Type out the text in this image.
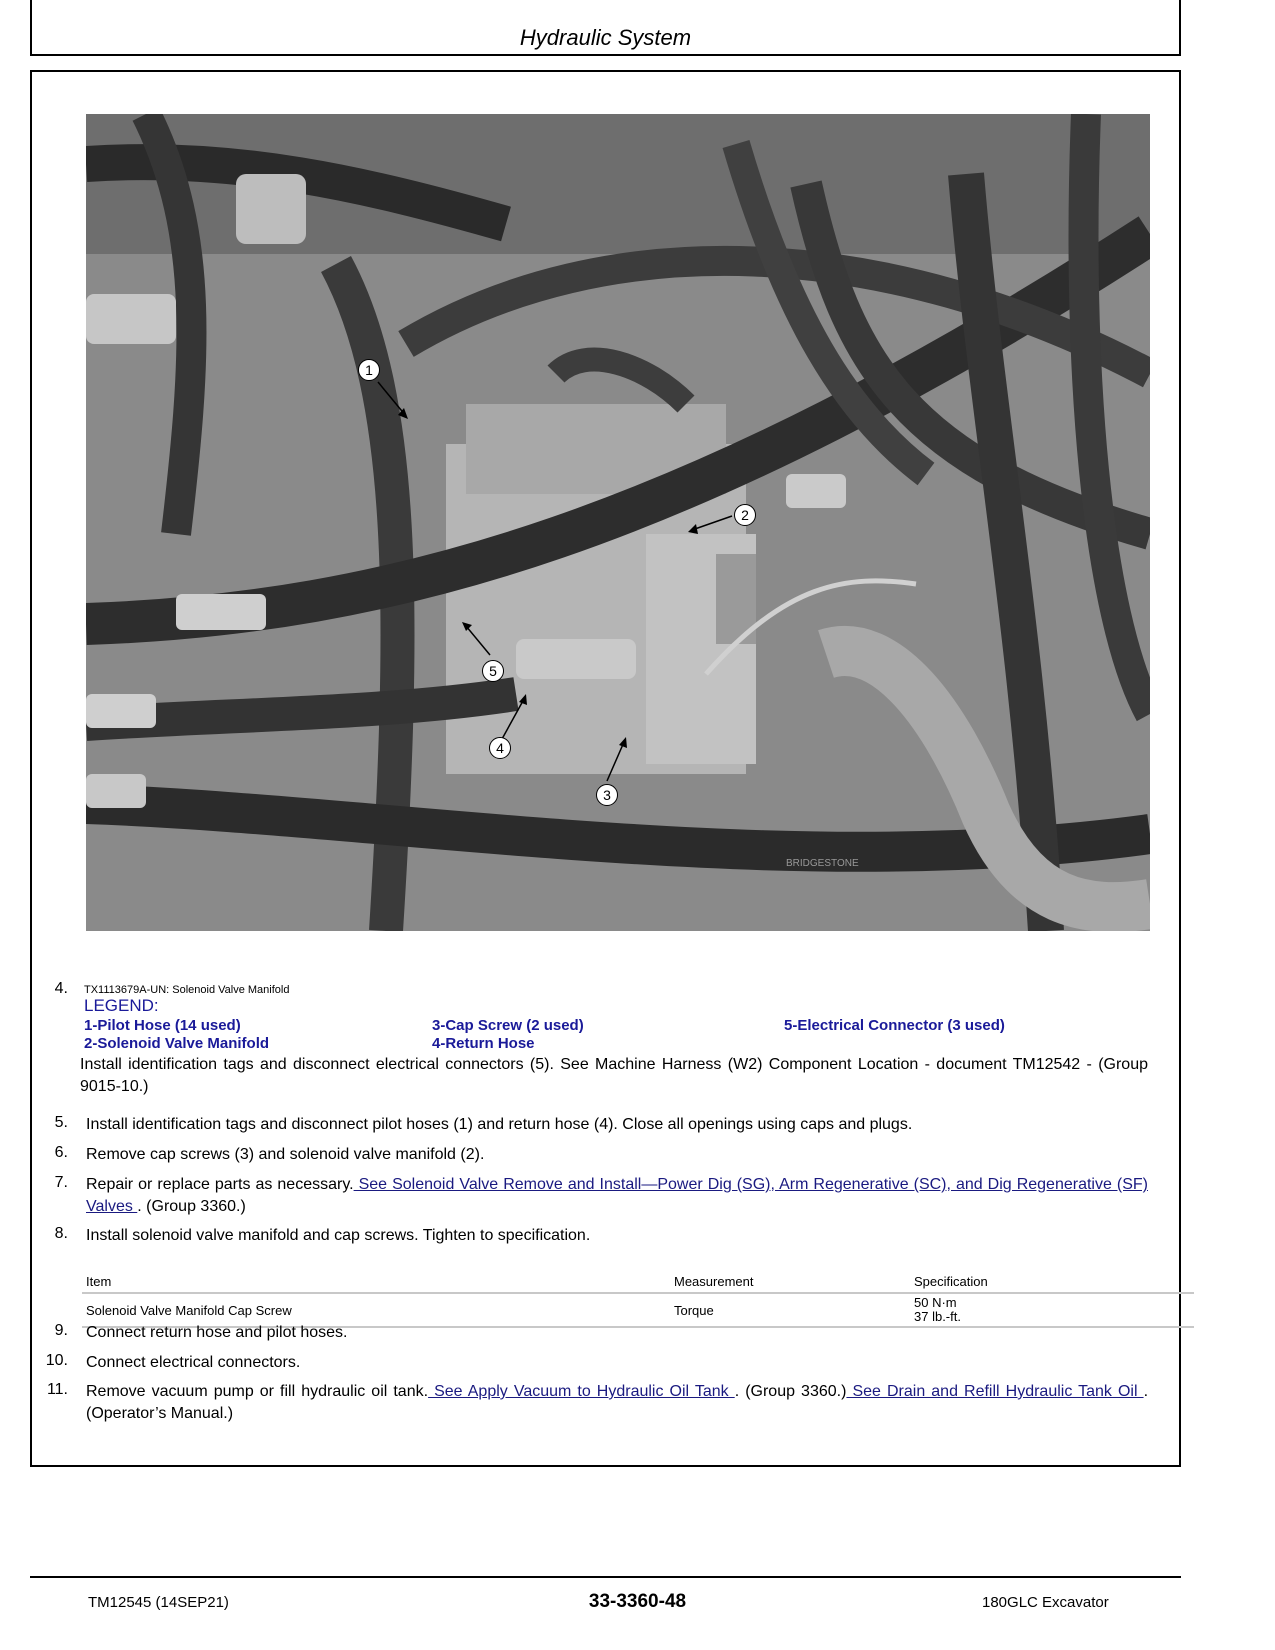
Hydraulic System
BRIDGESTONE
1
2
3
4
5
4. TX1113679A-UN: Solenoid Valve Manifold
LEGEND:
1-Pilot Hose (14 used)
2-Solenoid Valve Manifold
3-Cap Screw (2 used)
4-Return Hose
5-Electrical Connector (3 used)
Install identification tags and disconnect electrical connectors (5). See Machine Harness (W2) Component Location - document TM12542 - (Group 9015-10.)
5. Install identification tags and disconnect pilot hoses (1) and return hose (4). Close all openings using caps and plugs.
6. Remove cap screws (3) and solenoid valve manifold (2).
7. Repair or replace parts as necessary. See Solenoid Valve Remove and Install—Power Dig (SG), Arm Regenerative (SC), and Dig Regenerative (SF) Valves . (Group 3360.)
8. Install solenoid valve manifold and cap screws. Tighten to specification.
Item	Measurement	Specification
Solenoid Valve Manifold Cap Screw	Torque	50 N·m
37 lb.-ft.
9. Connect return hose and pilot hoses.
10. Connect electrical connectors.
11. Remove vacuum pump or fill hydraulic oil tank. See Apply Vacuum to Hydraulic Oil Tank . (Group 3360.) See Drain and Refill Hydraulic Tank Oil . (Operator’s Manual.)
TM12545 (14SEP21)	33-3360-48	180GLC Excavator
